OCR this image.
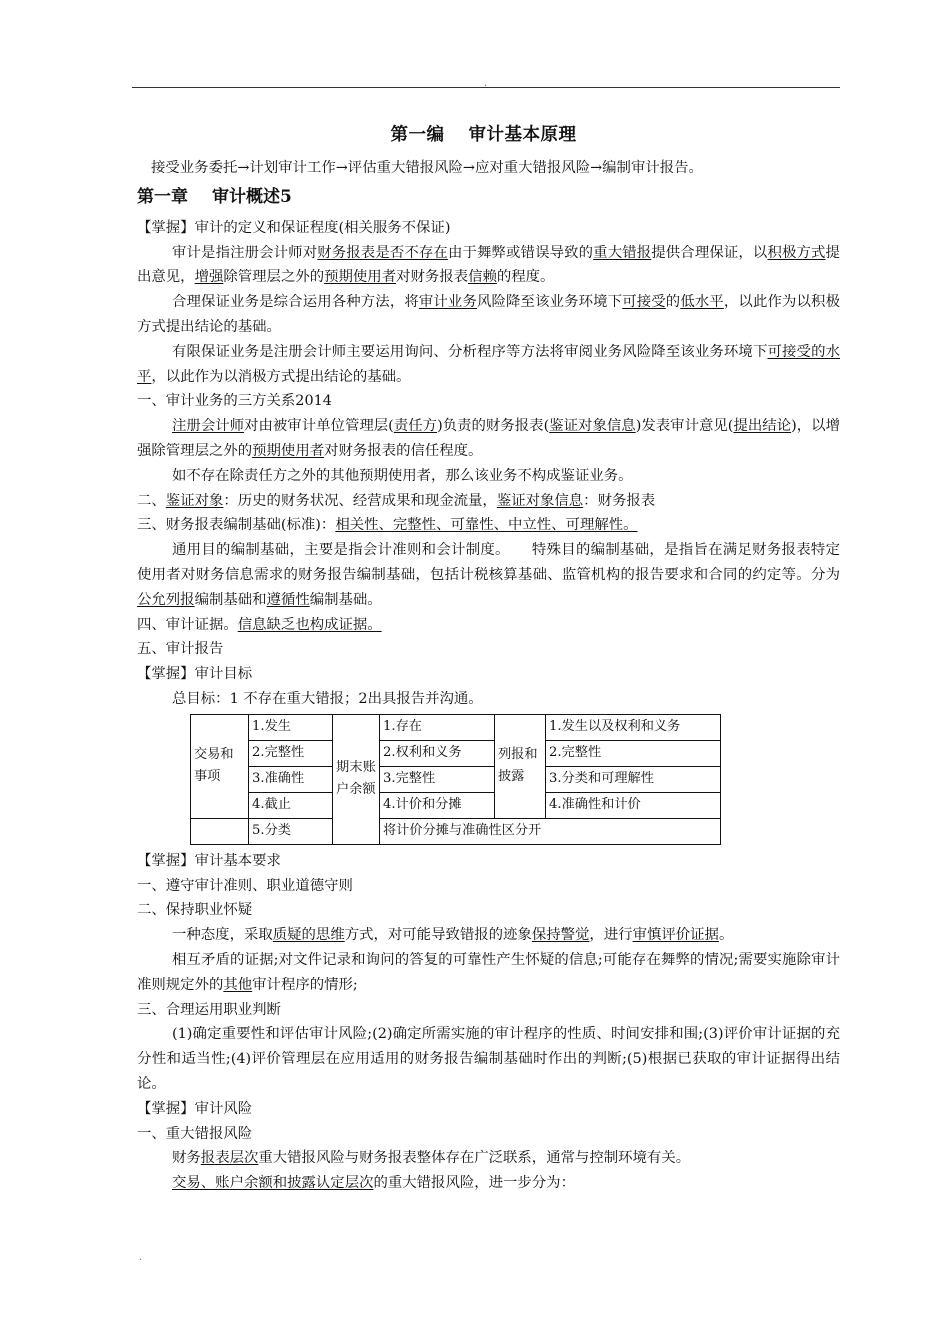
.
第一编 审计基本原理

接受业务委托→计划审计工作→评估重大错报风险→应对重大错报风险→编制审计报告。

第一章 审计概述5

【掌握】审计的定义和保证程度(相关服务不保证)

审计是指注册会计师对财务报表是否不存在由于舞弊或错误导致的重大错报提供合理保证，以积极方式提出意见，增强除管理层之外的预期使用者对财务报表信赖的程度。

合理保证业务是综合运用各种方法，将审计业务风险降至该业务环境下可接受的低水平，以此作为以积极方式提出结论的基础。

有限保证业务是注册会计师主要运用询问、分析程序等方法将审阅业务风险降至该业务环境下可接受的水平，以此作为以消极方式提出结论的基础。

一、审计业务的三方关系2014

注册会计师对由被审计单位管理层(责任方)负责的财务报表(鉴证对象信息)发表审计意见(提出结论)，以增强除管理层之外的预期使用者对财务报表的信任程度。

如不存在除责任方之外的其他预期使用者，那么该业务不构成鉴证业务。

二、鉴证对象：历史的财务状况、经营成果和现金流量，鉴证对象信息：财务报表

三、财务报表编制基础(标准)：相关性、完整性、可靠性、中立性、可理解性。

通用目的编制基础，主要是指会计准则和会计制度。　　特殊目的编制基础，是指旨在满足财务报表特定使用者对财务信息需求的财务报告编制基础，包括计税核算基础、监管机构的报告要求和合同的约定等。分为公允列报编制基础和遵循性编制基础。

四、审计证据。信息缺乏也构成证据。

五、审计报告

【掌握】审计目标

总目标：1 不存在重大错报；2出具报告并沟通。

交易和事项	1.发生	期末账户余额	1.存在	列报和披露	1.发生以及权利和义务
	2.完整性		2.权利和义务		2.完整性
	3.准确性		3.完整性		3.分类和可理解性
	4.截止		4.计价和分摊		4.准确性和计价
	5.分类		将计价分摊与准确性区分开		

【掌握】审计基本要求

一、遵守审计准则、职业道德守则

二、保持职业怀疑

一种态度，采取质疑的思维方式，对可能导致错报的迹象保持警觉，进行审慎评价证据。

相互矛盾的证据;对文件记录和询问的答复的可靠性产生怀疑的信息;可能存在舞弊的情况;需要实施除审计准则规定外的其他审计程序的情形;

三、合理运用职业判断

(1)确定重要性和评估审计风险;(2)确定所需实施的审计程序的性质、时间安排和围;(3)评价审计证据的充分性和适当性;(4)评价管理层在应用适用的财务报告编制基础时作出的判断;(5)根据已获取的审计证据得出结论。

【掌握】审计风险

一、重大错报风险

财务报表层次重大错报风险与财务报表整体存在广泛联系，通常与控制环境有关。

交易、账户余额和披露认定层次的重大错报风险，进一步分为：

.
